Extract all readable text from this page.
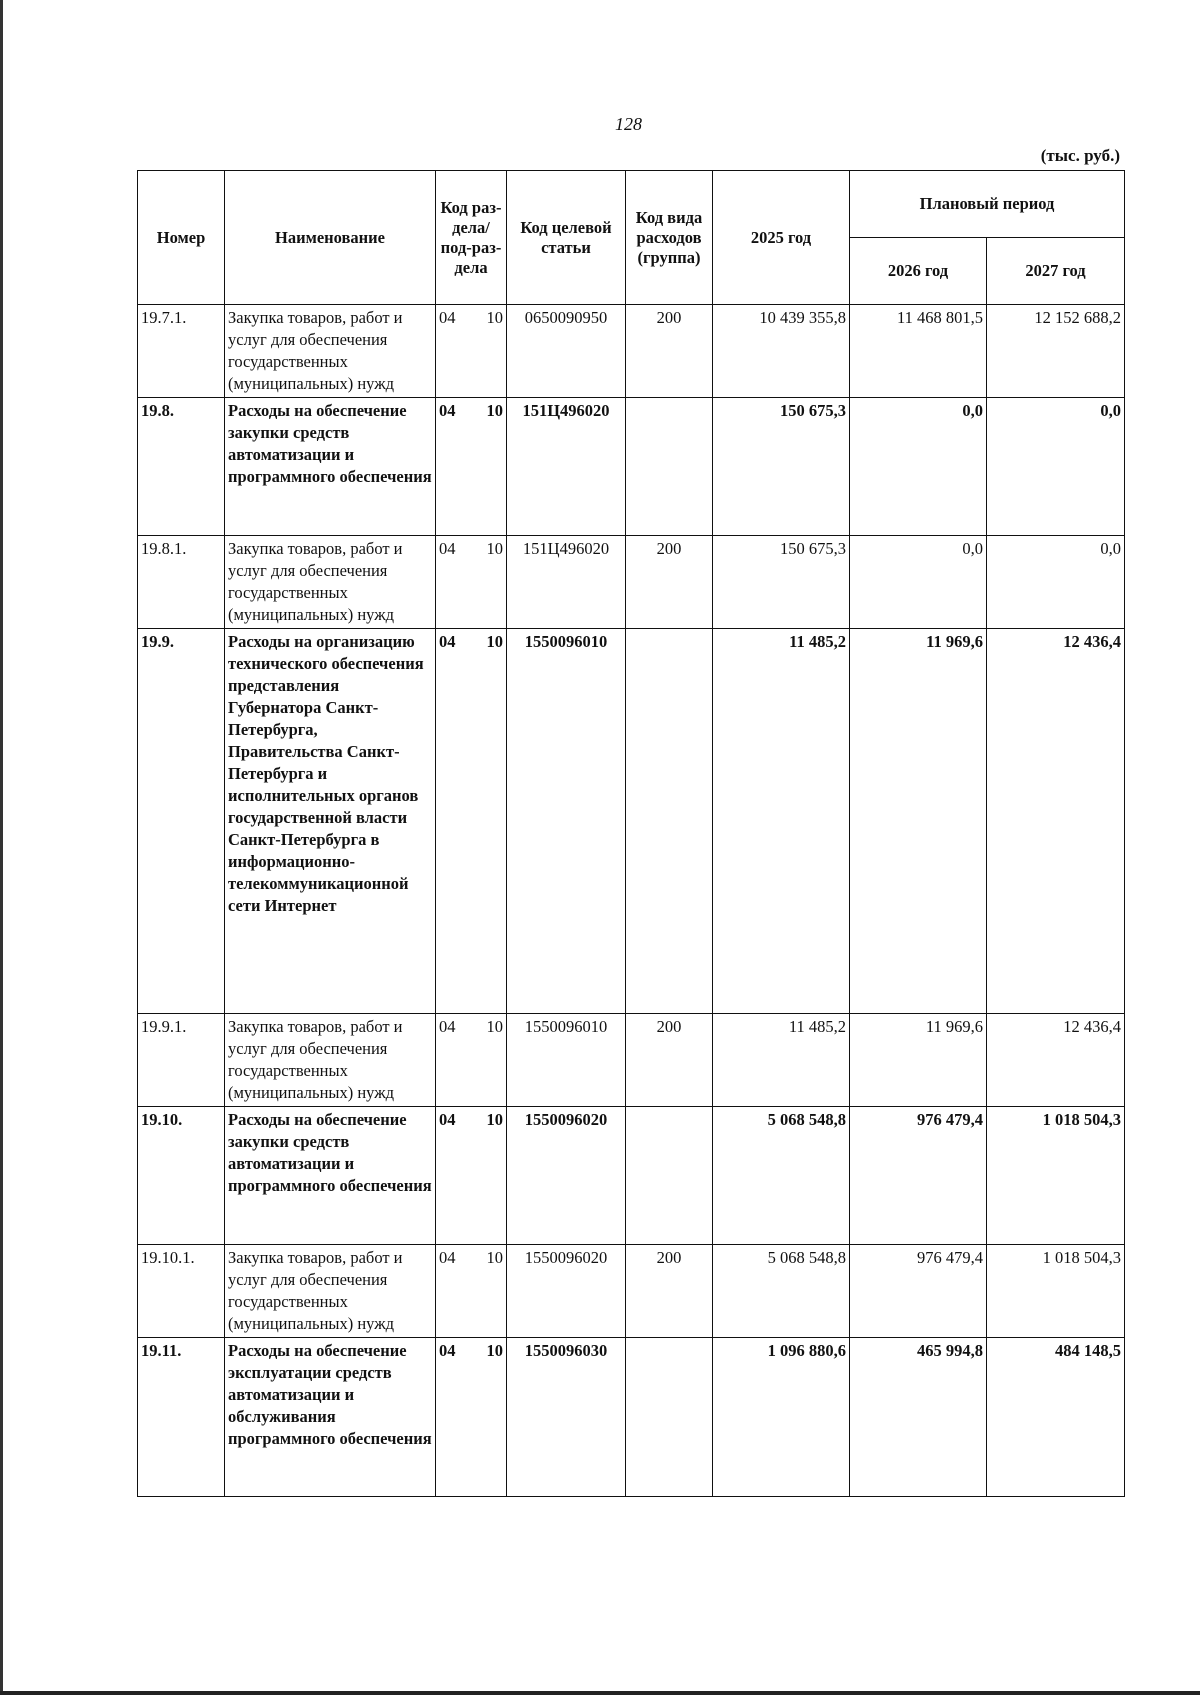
128
(тыс. руб.)
Номер	Наименование	Код раз-дела/ под-раз-дела	Код целевой статьи	Код вида расходов (группа)	2025 год	Плановый период	
						2026 год	2027 год
19.7.1.	Закупка товаров, работ и услуг для обеспечения государственных (муниципальных) нужд	04 10	0650090950	200	10 439 355,8	11 468 801,5	12 152 688,2
19.8.	Расходы на обеспечение закупки средств автоматизации и программного обеспечения	04 10	151Ц496020		150 675,3	0,0	0,0
19.8.1.	Закупка товаров, работ и услуг для обеспечения государственных (муниципальных) нужд	04 10	151Ц496020	200	150 675,3	0,0	0,0
19.9.	Расходы на организацию технического обеспечения представления Губернатора Санкт-Петербурга, Правительства Санкт-Петербурга и исполнительных органов государственной власти Санкт-Петербурга в информационно-телекоммуникационной сети Интернет	04 10	1550096010		11 485,2	11 969,6	12 436,4
19.9.1.	Закупка товаров, работ и услуг для обеспечения государственных (муниципальных) нужд	04 10	1550096010	200	11 485,2	11 969,6	12 436,4
19.10.	Расходы на обеспечение закупки средств автоматизации и программного обеспечения	04 10	1550096020		5 068 548,8	976 479,4	1 018 504,3
19.10.1.	Закупка товаров, работ и услуг для обеспечения государственных (муниципальных) нужд	04 10	1550096020	200	5 068 548,8	976 479,4	1 018 504,3
19.11.	Расходы на обеспечение эксплуатации средств автоматизации и обслуживания программного обеспечения	04 10	1550096030		1 096 880,6	465 994,8	484 148,5
